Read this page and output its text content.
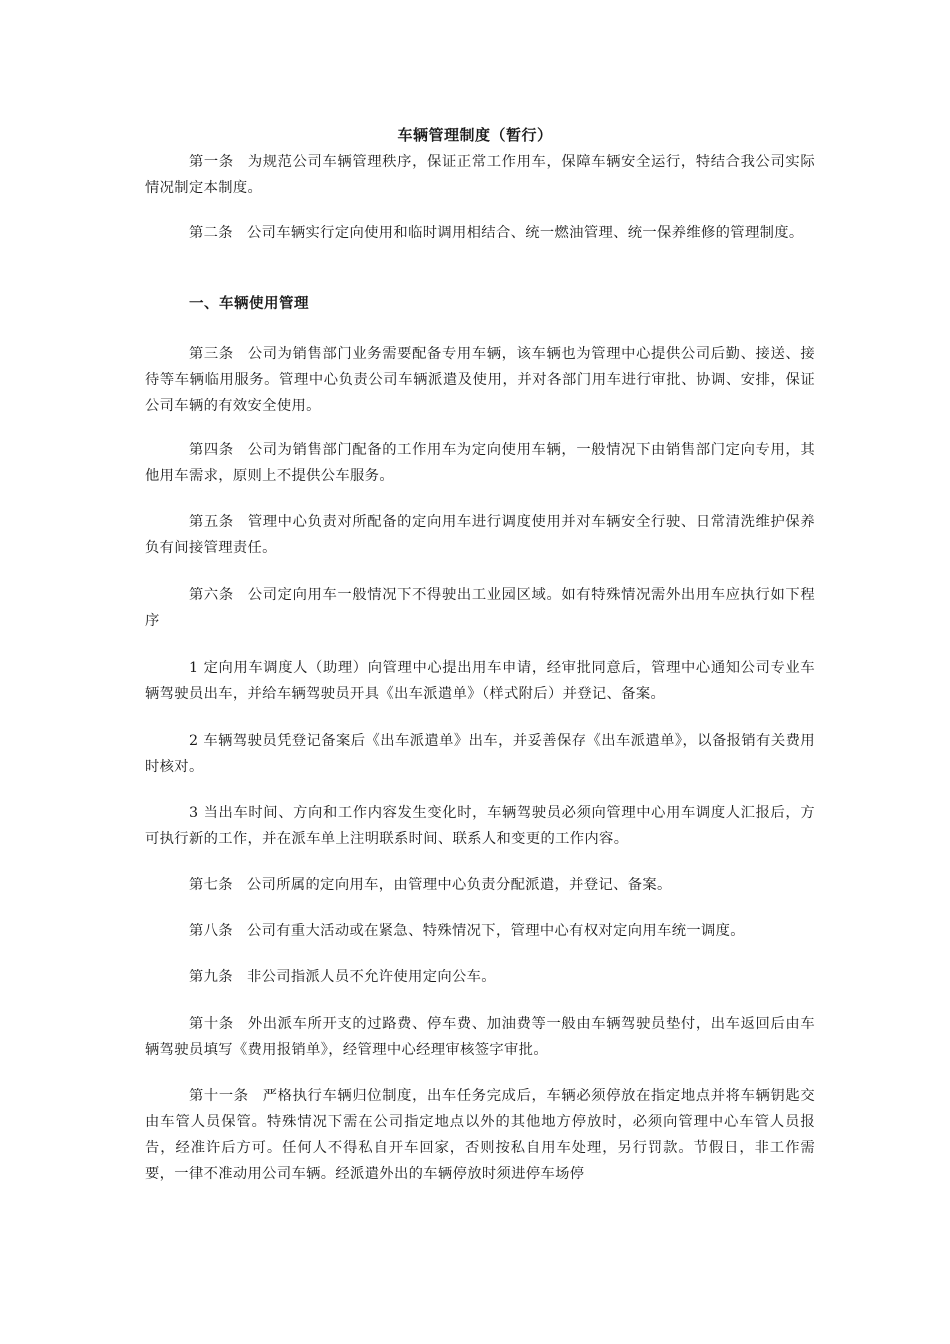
车辆管理制度（暂行）
第一条 为规范公司车辆管理秩序，保证正常工作用车，保障车辆安全运行，特结合我公司实际情况制定本制度。
第二条 公司车辆实行定向使用和临时调用相结合、统一燃油管理、统一保养维修的管理制度。
一、车辆使用管理
第三条 公司为销售部门业务需要配备专用车辆，该车辆也为管理中心提供公司后勤、接送、接待等车辆临用服务。管理中心负责公司车辆派遣及使用，并对各部门用车进行审批、协调、安排，保证公司车辆的有效安全使用。
第四条 公司为销售部门配备的工作用车为定向使用车辆，一般情况下由销售部门定向专用，其他用车需求，原则上不提供公车服务。
第五条 管理中心负责对所配备的定向用车进行调度使用并对车辆安全行驶、日常清洗维护保养负有间接管理责任。
第六条 公司定向用车一般情况下不得驶出工业园区域。如有特殊情况需外出用车应执行如下程序
1 定向用车调度人（助理）向管理中心提出用车申请，经审批同意后，管理中心通知公司专业车辆驾驶员出车，并给车辆驾驶员开具《出车派遣单》（样式附后）并登记、备案。
2 车辆驾驶员凭登记备案后《出车派遣单》出车，并妥善保存《出车派遣单》，以备报销有关费用时核对。
3 当出车时间、方向和工作内容发生变化时，车辆驾驶员必须向管理中心用车调度人汇报后，方可执行新的工作，并在派车单上注明联系时间、联系人和变更的工作内容。
第七条 公司所属的定向用车，由管理中心负责分配派遣，并登记、备案。
第八条 公司有重大活动或在紧急、特殊情况下，管理中心有权对定向用车统一调度。
第九条 非公司指派人员不允许使用定向公车。
第十条 外出派车所开支的过路费、停车费、加油费等一般由车辆驾驶员垫付，出车返回后由车辆驾驶员填写《费用报销单》，经管理中心经理审核签字审批。
第十一条 严格执行车辆归位制度，出车任务完成后，车辆必须停放在指定地点并将车辆钥匙交由车管人员保管。特殊情况下需在公司指定地点以外的其他地方停放时，必须向管理中心车管人员报告，经准许后方可。任何人不得私自开车回家，否则按私自用车处理，另行罚款。节假日，非工作需要，一律不准动用公司车辆。经派遣外出的车辆停放时须进停车场停
